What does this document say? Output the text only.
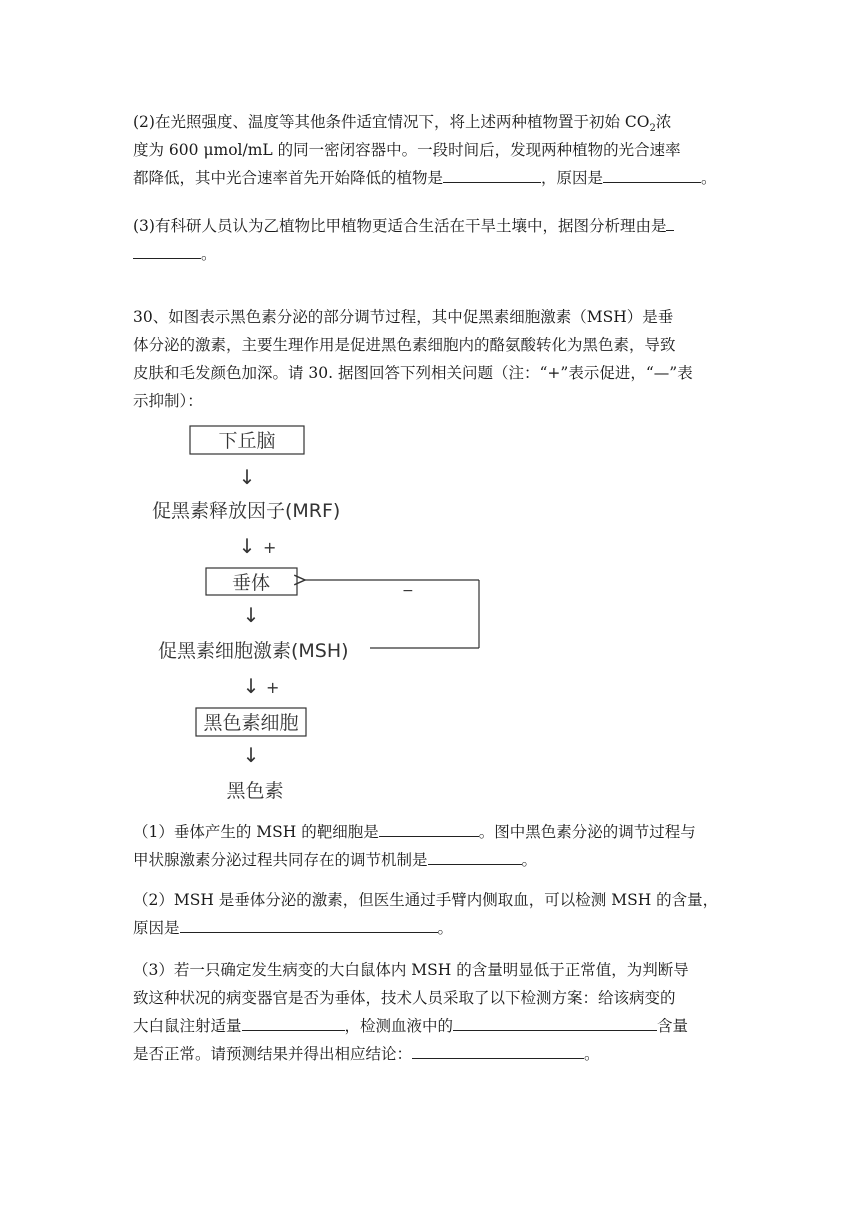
(2)在光照强度、温度等其他条件适宜情况下，将上述两种植物置于初始 $CO_2$浓
度为 600 μmol/mL 的同一密闭容器中。一段时间后，发现两种植物的光合速率
都降低，其中光合速率首先开始降低的植物是	，原因是	。
(3)有科研人员认为乙植物比甲植物更适合生活在干旱土壤中，据图分析理由是
。
30、如图表示黑色素分泌的部分调节过程，其中促黑素细胞激素（MSH）是垂
体分泌的激素，主要生理作用是促进黑色素细胞内的酪氨酸转化为黑色素，导致
皮肤和毛发颜色加深。请 30. 据图回答下列相关问题（注：“+”表示促进，“—”表
示抑制）：
下丘脑
↓
促黑素释放因子(MRF)
↓ +
垂体	−
↓
促黑素细胞激素(MSH)
↓ +
黑色素细胞
↓
黑色素
（1）垂体产生的 MSH 的靶细胞是	。图中黑色素分泌的调节过程与
甲状腺激素分泌过程共同存在的调节机制是	。
（2）MSH 是垂体分泌的激素，但医生通过手臂内侧取血，可以检测 MSH 的含量，
原因是	。
（3）若一只确定发生病变的大白鼠体内 MSH 的含量明显低于正常值，为判断导
致这种状况的病变器官是否为垂体，技术人员采取了以下检测方案：给该病变的
大白鼠注射适量	，检测血液中的	含量
是否正常。请预测结果并得出相应结论：	。
